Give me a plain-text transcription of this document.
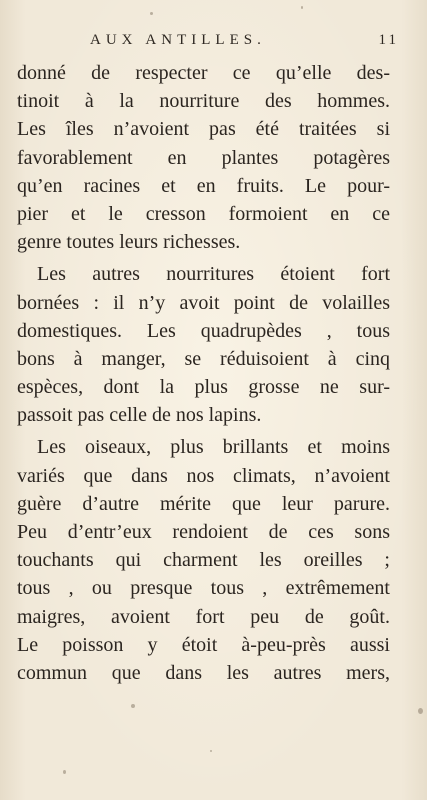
AUX ANTILLES.	11
donné de respecter ce qu’elle des-
tinoit à la nourriture des hommes.
Les îles n’avoient pas été traitées si
favorablement en plantes potagères
qu’en racines et en fruits. Le pour-
pier et le cresson formoient en ce
genre toutes leurs richesses.
Les autres nourritures étoient fort
bornées : il n’y avoit point de volailles
domestiques. Les quadrupèdes , tous
bons à manger, se réduisoient à cinq
espèces, dont la plus grosse ne sur-
passoit pas celle de nos lapins.
Les oiseaux, plus brillants et moins
variés que dans nos climats, n’avoient
guère d’autre mérite que leur parure.
Peu d’entr’eux rendoient de ces sons
touchants qui charment les oreilles ;
tous , ou presque tous , extrêmement
maigres, avoient fort peu de goût.
Le poisson y étoit à-peu-près aussi
commun que dans les autres mers,
